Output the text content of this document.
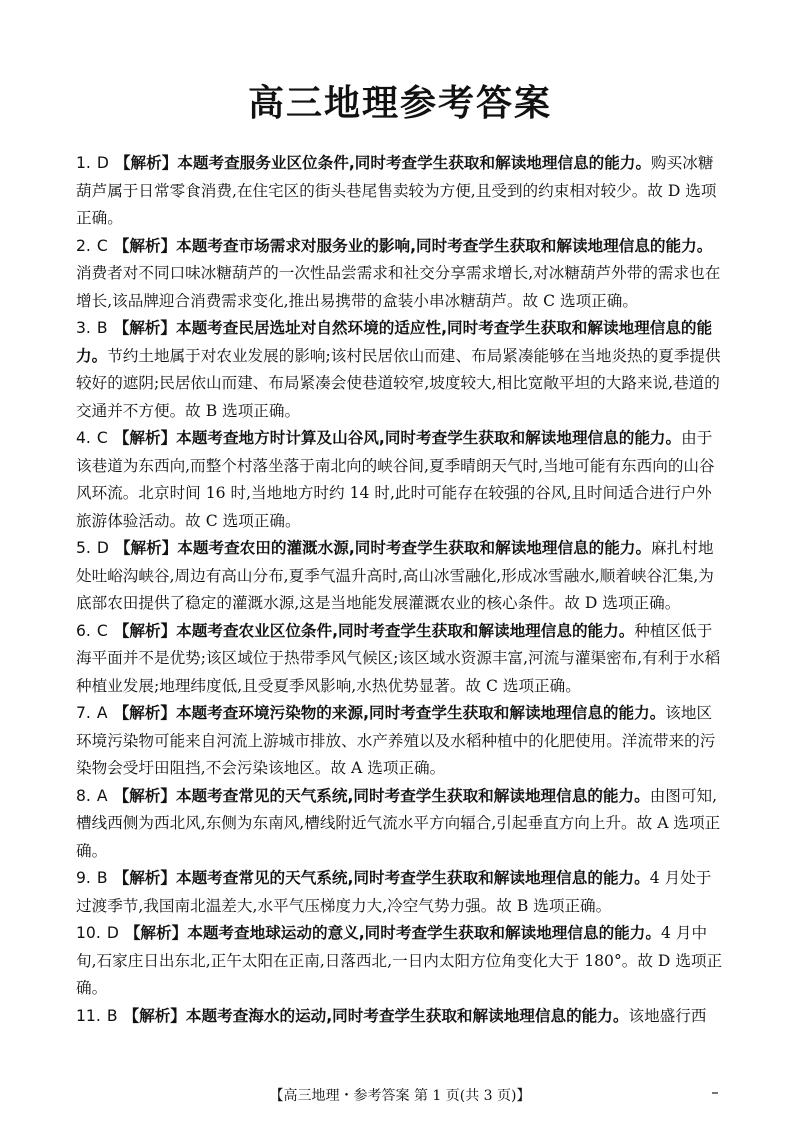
高三地理参考答案

1. D 【解析】本题考查服务业区位条件,同时考查学生获取和解读地理信息的能力。购买冰糖葫芦属于日常零食消费,在住宅区的街头巷尾售卖较为方便,且受到的约束相对较少。故 D 选项正确。

2. C 【解析】本题考查市场需求对服务业的影响,同时考查学生获取和解读地理信息的能力。消费者对不同口味冰糖葫芦的一次性品尝需求和社交分享需求增长,对冰糖葫芦外带的需求也在增长,该品牌迎合消费需求变化,推出易携带的盒装小串冰糖葫芦。故 C 选项正确。

3. B 【解析】本题考查民居选址对自然环境的适应性,同时考查学生获取和解读地理信息的能力。节约土地属于对农业发展的影响;该村民居依山而建、布局紧凑能够在当地炎热的夏季提供较好的遮阴;民居依山而建、布局紧凑会使巷道较窄,坡度较大,相比宽敞平坦的大路来说,巷道的交通并不方便。故 B 选项正确。

4. C 【解析】本题考查地方时计算及山谷风,同时考查学生获取和解读地理信息的能力。由于该巷道为东西向,而整个村落坐落于南北向的峡谷间,夏季晴朗天气时,当地可能有东西向的山谷风环流。北京时间 16 时,当地地方时约 14 时,此时可能存在较强的谷风,且时间适合进行户外旅游体验活动。故 C 选项正确。

5. D 【解析】本题考查农田的灌溉水源,同时考查学生获取和解读地理信息的能力。麻扎村地处吐峪沟峡谷,周边有高山分布,夏季气温升高时,高山冰雪融化,形成冰雪融水,顺着峡谷汇集,为底部农田提供了稳定的灌溉水源,这是当地能发展灌溉农业的核心条件。故 D 选项正确。

6. C 【解析】本题考查农业区位条件,同时考查学生获取和解读地理信息的能力。种植区低于海平面并不是优势;该区域位于热带季风气候区;该区域水资源丰富,河流与灌渠密布,有利于水稻种植业发展;地理纬度低,且受夏季风影响,水热优势显著。故 C 选项正确。

7. A 【解析】本题考查环境污染物的来源,同时考查学生获取和解读地理信息的能力。该地区环境污染物可能来自河流上游城市排放、水产养殖以及水稻种植中的化肥使用。洋流带来的污染物会受圩田阻挡,不会污染该地区。故 A 选项正确。

8. A 【解析】本题考查常见的天气系统,同时考查学生获取和解读地理信息的能力。由图可知,槽线西侧为西北风,东侧为东南风,槽线附近气流水平方向辐合,引起垂直方向上升。故 A 选项正确。

9. B 【解析】本题考查常见的天气系统,同时考查学生获取和解读地理信息的能力。4 月处于过渡季节,我国南北温差大,水平气压梯度力大,冷空气势力强。故 B 选项正确。

10. D 【解析】本题考查地球运动的意义,同时考查学生获取和解读地理信息的能力。4 月中旬,石家庄日出东北,正午太阳在正南,日落西北,一日内太阳方位角变化大于 180°。故 D 选项正确。

11. B 【解析】本题考查海水的运动,同时考查学生获取和解读地理信息的能力。该地盛行西

【高三地理・参考答案 第 1 页(共 3 页)】
